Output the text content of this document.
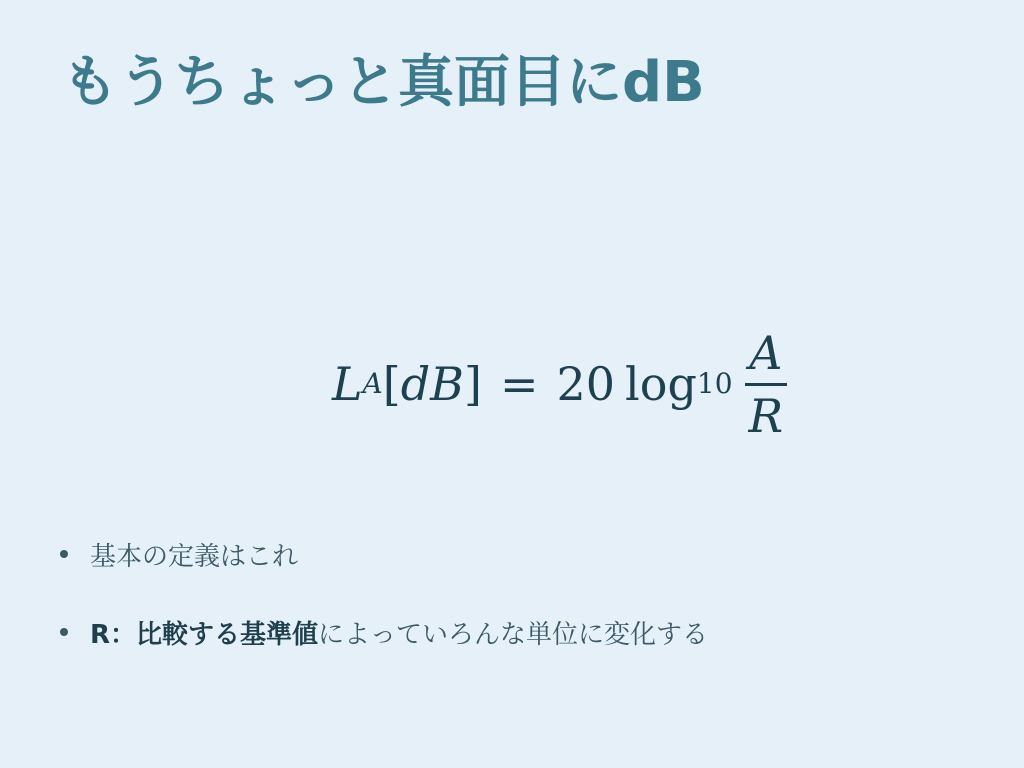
もうちょっと真面目にdB
L A [ dB ] = 20 $\log 10 \frac{A}{R}$
基本の定義はこれ
R：比較する基準値 によっていろんな単位に変化する
